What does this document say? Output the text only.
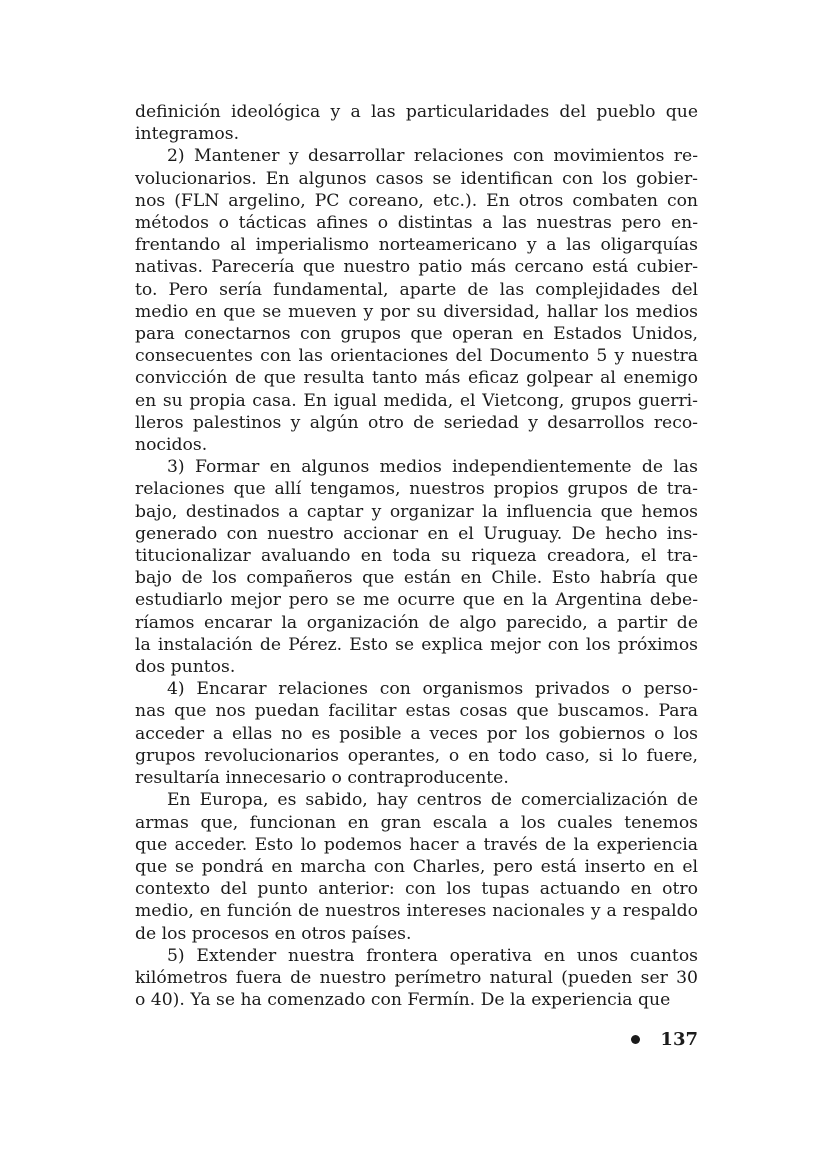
definición ideológica y a las particularidades del pueblo que
integramos.
2) Mantener y desarrollar relaciones con movimientos re-
volucionarios. En algunos casos se identifican con los gobier-
nos (FLN argelino, PC coreano, etc.). En otros combaten con
métodos o tácticas afines o distintas a las nuestras pero en-
frentando al imperialismo norteamericano y a las oligarquías
nativas. Parecería que nuestro patio más cercano está cubier-
to. Pero sería fundamental, aparte de las complejidades del
medio en que se mueven y por su diversidad, hallar los medios
para conectarnos con grupos que operan en Estados Unidos,
consecuentes con las orientaciones del Documento 5 y nuestra
convicción de que resulta tanto más eficaz golpear al enemigo
en su propia casa. En igual medida, el Vietcong, grupos guerri-
lleros palestinos y algún otro de seriedad y desarrollos reco-
nocidos.
3) Formar en algunos medios independientemente de las
relaciones que allí tengamos, nuestros propios grupos de tra-
bajo, destinados a captar y organizar la influencia que hemos
generado con nuestro accionar en el Uruguay. De hecho ins-
titucionalizar avaluando en toda su riqueza creadora, el tra-
bajo de los compañeros que están en Chile. Esto habría que
estudiarlo mejor pero se me ocurre que en la Argentina debe-
ríamos encarar la organización de algo parecido, a partir de
la instalación de Pérez. Esto se explica mejor con los próximos
dos puntos.
4) Encarar relaciones con organismos privados o perso-
nas que nos puedan facilitar estas cosas que buscamos. Para
acceder a ellas no es posible a veces por los gobiernos o los
grupos revolucionarios operantes, o en todo caso, si lo fuere,
resultaría innecesario o contraproducente.
En Europa, es sabido, hay centros de comercialización de
armas que, funcionan en gran escala a los cuales tenemos
que acceder. Esto lo podemos hacer a través de la experiencia
que se pondrá en marcha con Charles, pero está inserto en el
contexto del punto anterior: con los tupas actuando en otro
medio, en función de nuestros intereses nacionales y a respaldo
de los procesos en otros países.
5) Extender nuestra frontera operativa en unos cuantos
kilómetros fuera de nuestro perímetro natural (pueden ser 30
o 40). Ya se ha comenzado con Fermín. De la experiencia que
137
